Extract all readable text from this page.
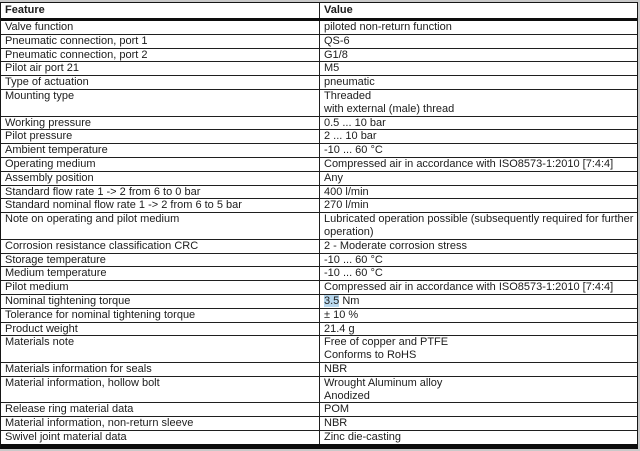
Feature	Value
Valve function	piloted non-return function
Pneumatic connection, port 1	QS-6
Pneumatic connection, port 2	G1/8
Pilot air port 21	M5
Type of actuation	pneumatic
Mounting type	Threaded
with external (male) thread
Working pressure	0.5 ... 10 bar
Pilot pressure	2 ... 10 bar
Ambient temperature	-10 ... 60 °C
Operating medium	Compressed air in accordance with ISO8573-1:2010 [7:4:4]
Assembly position	Any
Standard flow rate 1 -> 2 from 6 to 0 bar	400 l/min
Standard nominal flow rate 1 -> 2 from 6 to 5 bar	270 l/min
Note on operating and pilot medium	Lubricated operation possible (subsequently required for further
operation)
Corrosion resistance classification CRC	2 - Moderate corrosion stress
Storage temperature	-10 ... 60 °C
Medium temperature	-10 ... 60 °C
Pilot medium	Compressed air in accordance with ISO8573-1:2010 [7:4:4]
Nominal tightening torque	3.5 Nm
Tolerance for nominal tightening torque	± 10 %
Product weight	21.4 g
Materials note	Free of copper and PTFE
Conforms to RoHS
Materials information for seals	NBR
Material information, hollow bolt	Wrought Aluminum alloy
Anodized
Release ring material data	POM
Material information, non-return sleeve	NBR
Swivel joint material data	Zinc die-casting
